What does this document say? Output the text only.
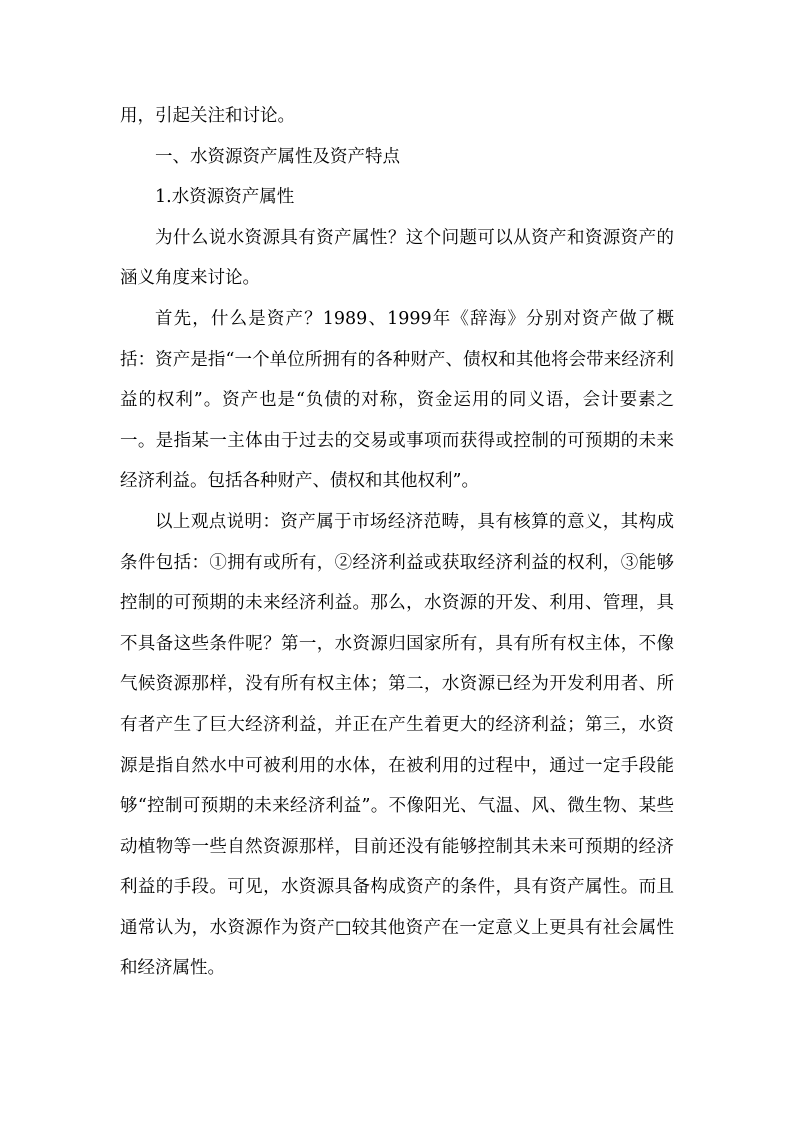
用，引起关注和讨论。

一、水资源资产属性及资产特点

1.水资源资产属性

为什么说水资源具有资产属性？这个问题可以从资产和资源资产的涵义角度来讨论。

首先，什么是资产？1989、1999年《辞海》分别对资产做了概括：资产是指“一个单位所拥有的各种财产、债权和其他将会带来经济利益的权利”。资产也是“负债的对称，资金运用的同义语，会计要素之一。是指某一主体由于过去的交易或事项而获得或控制的可预期的未来经济利益。包括各种财产、债权和其他权利”。

以上观点说明：资产属于市场经济范畴，具有核算的意义，其构成条件包括：①拥有或所有，②经济利益或获取经济利益的权利，③能够控制的可预期的未来经济利益。那么，水资源的开发、利用、管理，具不具备这些条件呢？第一，水资源归国家所有，具有所有权主体，不像气候资源那样，没有所有权主体；第二，水资源已经为开发利用者、所有者产生了巨大经济利益，并正在产生着更大的经济利益；第三，水资源是指自然水中可被利用的水体，在被利用的过程中，通过一定手段能够“控制可预期的未来经济利益”。不像阳光、气温、风、微生物、某些动植物等一些自然资源那样，目前还没有能够控制其未来可预期的经济利益的手段。可见，水资源具备构成资产的条件，具有资产属性。而且通常认为，水资源作为资产□较其他资产在一定意义上更具有社会属性和经济属性。
